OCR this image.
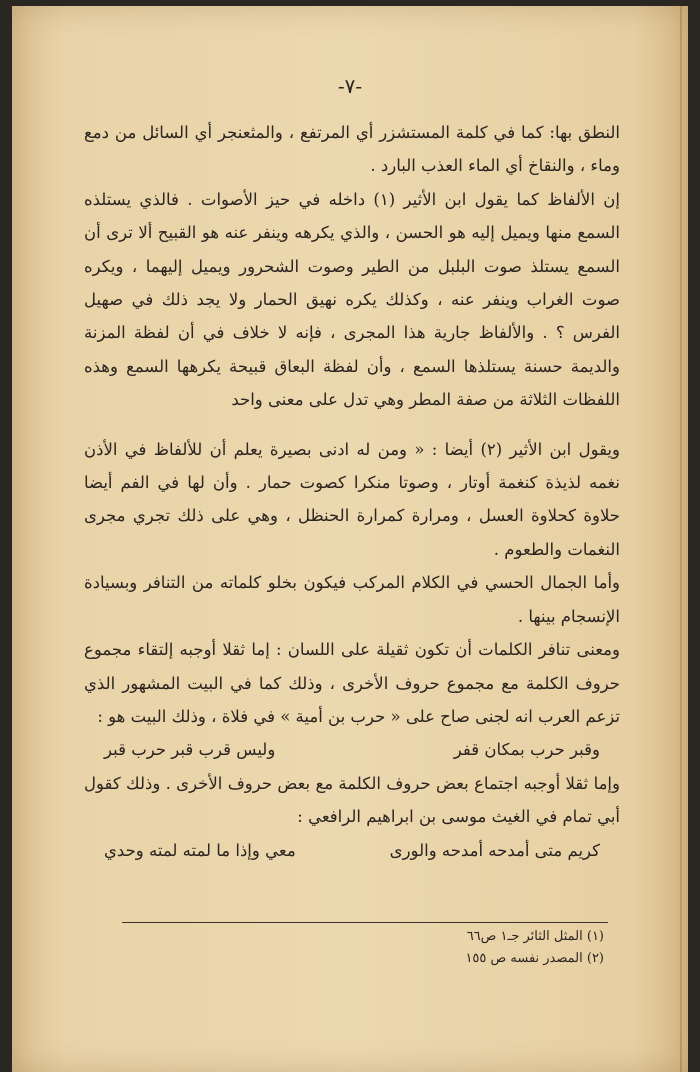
-٧-

النطق بها: كما في كلمة المستشزر أي المرتفع ، والمثعنجر أي السائل من دمع وماء ، والنقاخ أي الماء العذب البارد .

إن الألفاظ كما يقول ابن الأثير (١) داخله في حيز الأصوات . فالذي يستلذه السمع منها ويميل إليه هو الحسن ، والذي يكرهه وينفر عنه هو القبيح ألا ترى أن السمع يستلذ صوت البلبل من الطير وصوت الشحرور ويميل إليهما ، ويكره صوت الغراب وينفر عنه ، وكذلك يكره نهيق الحمار ولا يجد ذلك في صهيل الفرس ؟ . والألفاظ جارية هذا المجرى ، فإنه لا خلاف في أن لفظة المزنة والديمة حسنة يستلذها السمع ، وأن لفظة البعاق قبيحة يكرهها السمع وهذه اللفظات الثلاثة من صفة المطر وهي تدل على معنى واحد

ويقول ابن الأثير (٢) أيضا : « ومن له ادنى بصيرة يعلم أن للألفاظ في الأذن نغمه لذيذة كنغمة أوتار ، وصوتا منكرا كصوت حمار . وأن لها في الفم أيضا حلاوة كحلاوة العسل ، ومرارة كمرارة الحنظل ، وهي على ذلك تجري مجرى النغمات والطعوم .

وأما الجمال الحسي في الكلام المركب فيكون بخلو كلماته من التنافر وبسيادة الإنسجام بينها .

ومعنى تنافر الكلمات أن تكون ثقيلة على اللسان : إما ثقلا أوجبه إلتقاء مجموع حروف الكلمة مع مجموع حروف الأخرى ، وذلك كما في البيت المشهور الذي تزعم العرب انه لجنى صاح على « حرب بن أمية » في فلاة ، وذلك البيت هو :

وقبر حرب بمكان قفر
وليس قرب قبر حرب قبر

وإما ثقلا أوجبه اجتماع بعض حروف الكلمة مع بعض حروف الأخرى . وذلك كقول أبي تمام في الغيث موسى بن ابراهيم الرافعي :

كريم متى أمدحه أمدحه والورى
معي وإذا ما لمته لمته وحدي
(١) المثل الثائر جـ١ ص٦٦
(٢) المصدر نفسه ص ١٥٥
